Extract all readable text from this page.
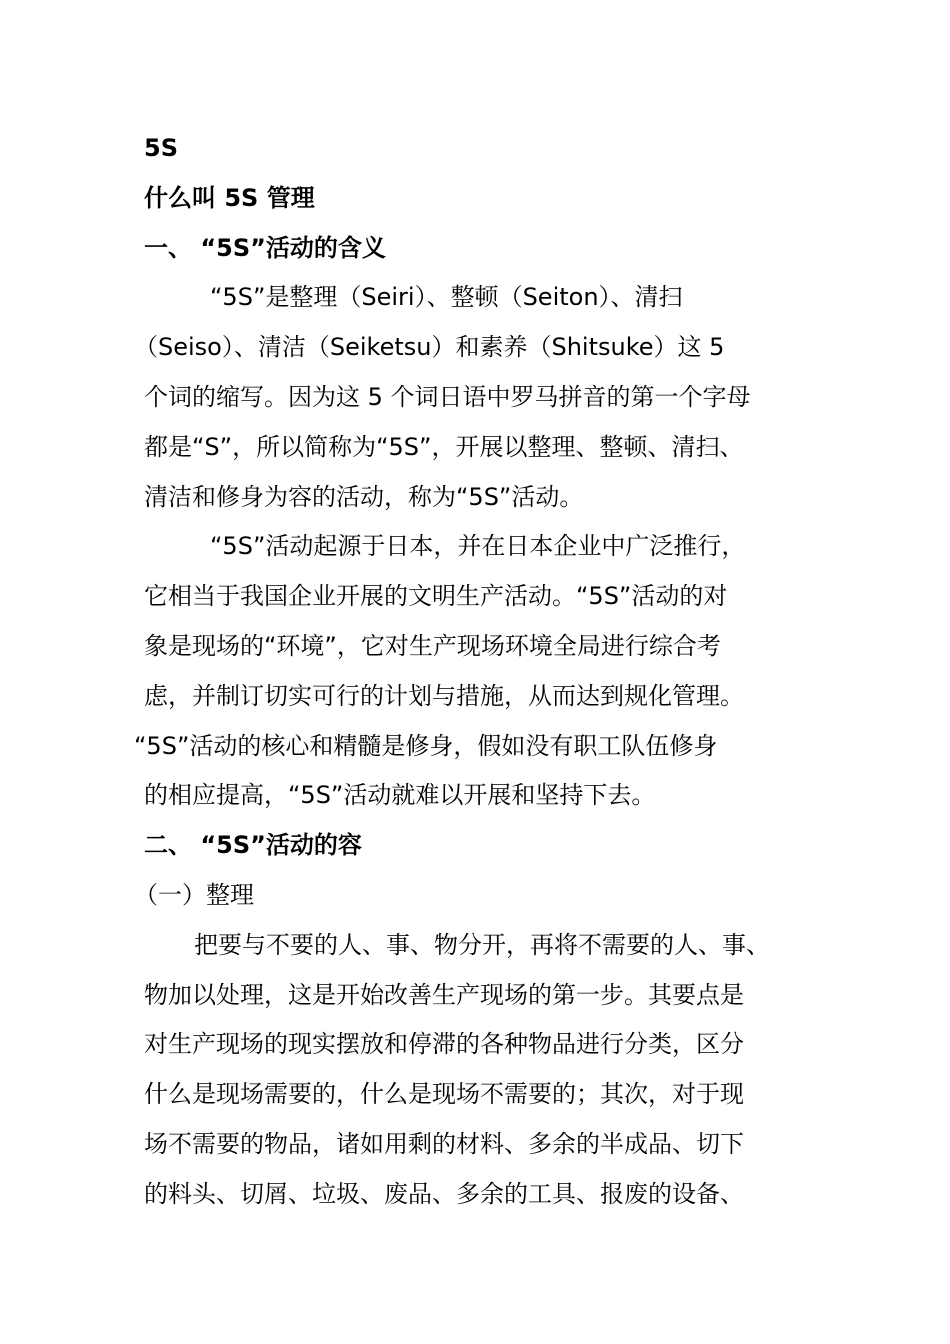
5S
什么叫 5S 管理
一、 “5S”活动的含义
“5S”是整理（Seiri）、整顿（Seiton）、清扫
（Seiso）、清洁（Seiketsu）和素养（Shitsuke）这 5
个词的缩写。因为这 5 个词日语中罗马拼音的第一个字母
都是“S”，所以简称为“5S”，开展以整理、整顿、清扫、
清洁和修身为容的活动，称为“5S”活动。
“5S”活动起源于日本，并在日本企业中广泛推行，
它相当于我国企业开展的文明生产活动。“5S”活动的对
象是现场的“环境”，它对生产现场环境全局进行综合考
虑，并制订切实可行的计划与措施，从而达到规化管理。
“5S”活动的核心和精髓是修身，假如没有职工队伍修身
的相应提高，“5S”活动就难以开展和坚持下去。
二、 “5S”活动的容
（一）整理
把要与不要的人、事、物分开，再将不需要的人、事、
物加以处理，这是开始改善生产现场的第一步。其要点是
对生产现场的现实摆放和停滞的各种物品进行分类，区分
什么是现场需要的，什么是现场不需要的；其次，对于现
场不需要的物品，诸如用剩的材料、多余的半成品、切下
的料头、切屑、垃圾、废品、多余的工具、报废的设备、
